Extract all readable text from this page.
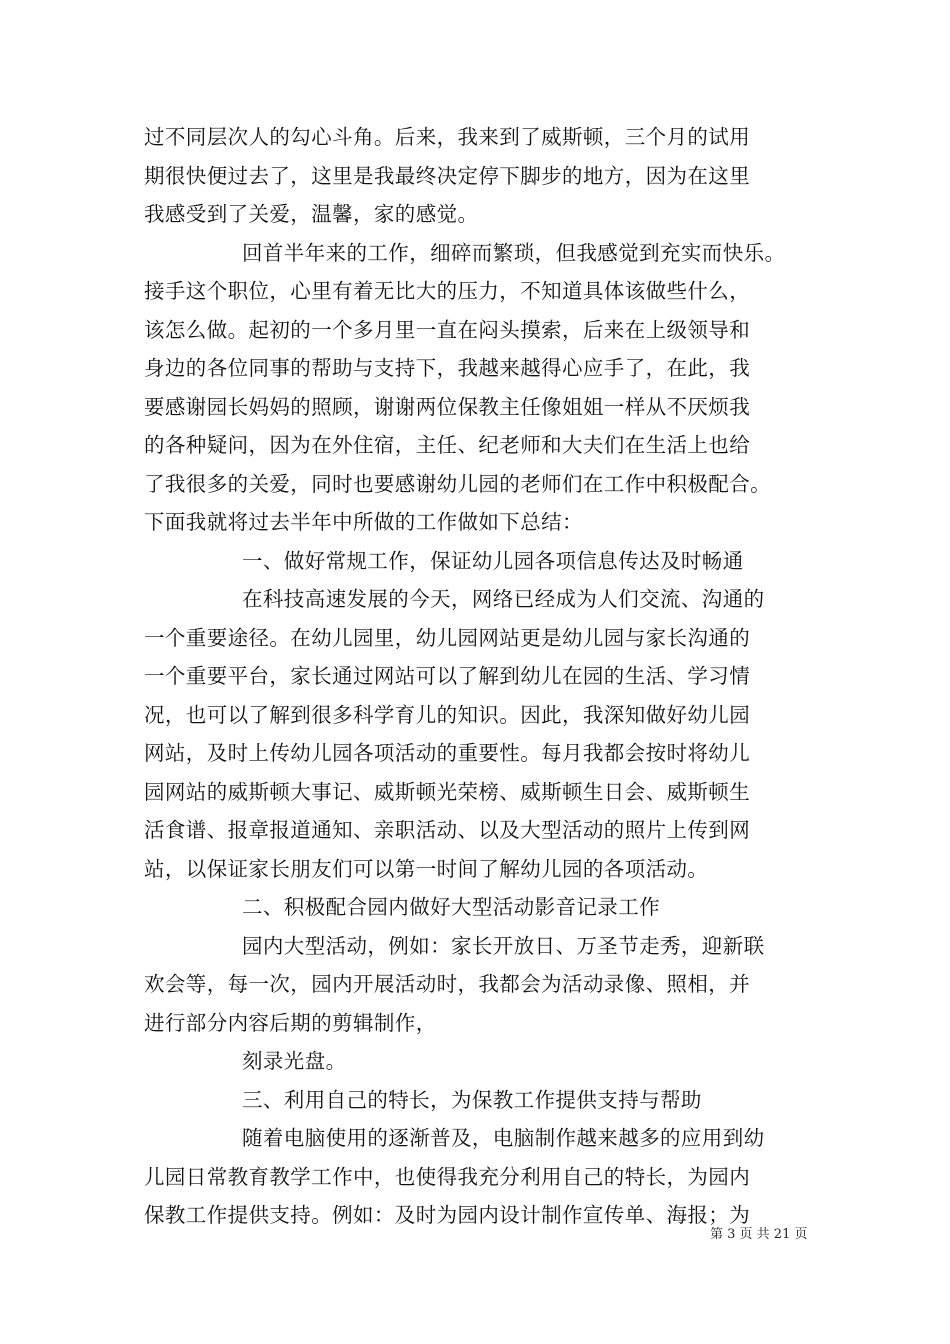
过不同层次人的勾心斗角。后来，我来到了威斯顿，三个月的试用
期很快便过去了，这里是我最终决定停下脚步的地方，因为在这里
我感受到了关爱，温馨，家的感觉。
回首半年来的工作，细碎而繁琐，但我感觉到充实而快乐。
接手这个职位，心里有着无比大的压力，不知道具体该做些什么，
该怎么做。起初的一个多月里一直在闷头摸索，后来在上级领导和
身边的各位同事的帮助与支持下，我越来越得心应手了，在此，我
要感谢园长妈妈的照顾，谢谢两位保教主任像姐姐一样从不厌烦我
的各种疑问，因为在外住宿，主任、纪老师和大夫们在生活上也给
了我很多的关爱，同时也要感谢幼儿园的老师们在工作中积极配合。
下面我就将过去半年中所做的工作做如下总结：
一、做好常规工作，保证幼儿园各项信息传达及时畅通
在科技高速发展的今天，网络已经成为人们交流、沟通的
一个重要途径。在幼儿园里，幼儿园网站更是幼儿园与家长沟通的
一个重要平台，家长通过网站可以了解到幼儿在园的生活、学习情
况，也可以了解到很多科学育儿的知识。因此，我深知做好幼儿园
网站，及时上传幼儿园各项活动的重要性。每月我都会按时将幼儿
园网站的威斯顿大事记、威斯顿光荣榜、威斯顿生日会、威斯顿生
活食谱、报章报道通知、亲职活动、以及大型活动的照片上传到网
站，以保证家长朋友们可以第一时间了解幼儿园的各项活动。
二、积极配合园内做好大型活动影音记录工作
园内大型活动，例如：家长开放日、万圣节走秀，迎新联
欢会等，每一次，园内开展活动时，我都会为活动录像、照相，并
进行部分内容后期的剪辑制作，
刻录光盘。
三、利用自己的特长，为保教工作提供支持与帮助
随着电脑使用的逐渐普及，电脑制作越来越多的应用到幼
儿园日常教育教学工作中，也使得我充分利用自己的特长，为园内
保教工作提供支持。例如：及时为园内设计制作宣传单、海报；为
第 3 页 共 21 页
